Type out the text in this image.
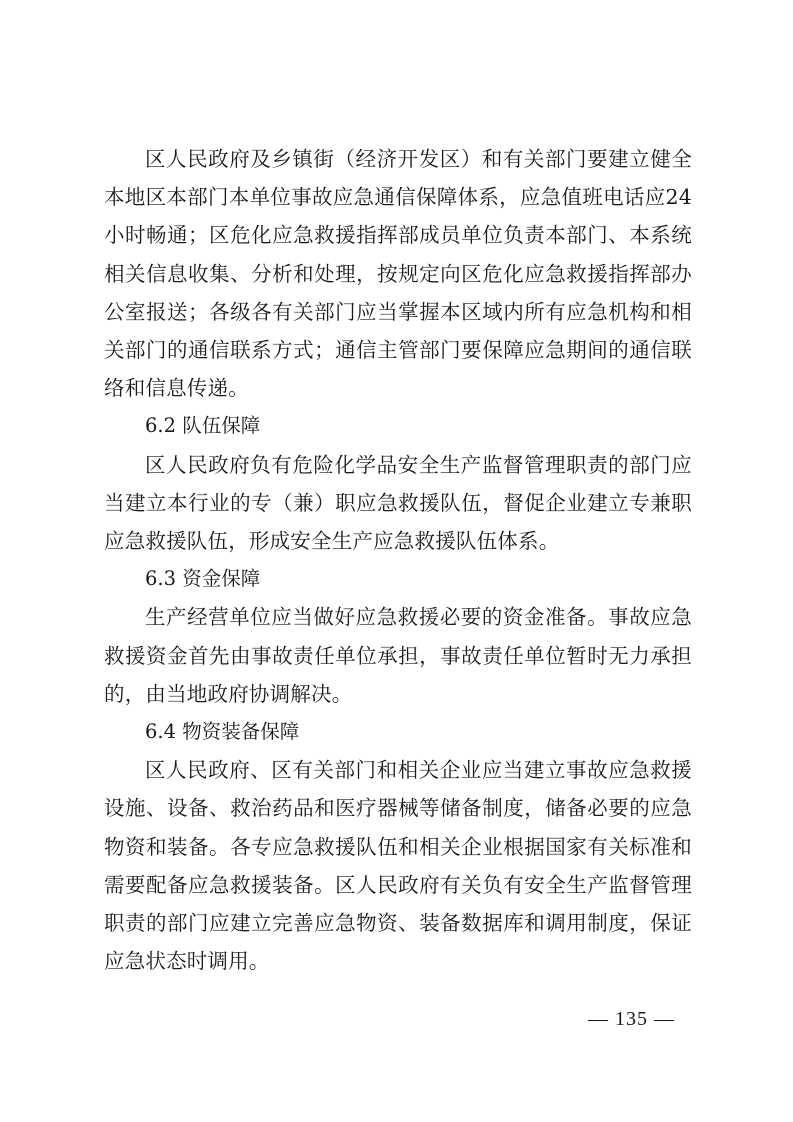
区人民政府及乡镇街（经济开发区）和有关部门要建立健全本地区本部门本单位事故应急通信保障体系，应急值班电话应24小时畅通；区危化应急救援指挥部成员单位负责本部门、本系统相关信息收集、分析和处理，按规定向区危化应急救援指挥部办公室报送；各级各有关部门应当掌握本区域内所有应急机构和相关部门的通信联系方式；通信主管部门要保障应急期间的通信联络和信息传递。

6.2 队伍保障

区人民政府负有危险化学品安全生产监督管理职责的部门应当建立本行业的专（兼）职应急救援队伍，督促企业建立专兼职应急救援队伍，形成安全生产应急救援队伍体系。

6.3 资金保障

生产经营单位应当做好应急救援必要的资金准备。事故应急救援资金首先由事故责任单位承担，事故责任单位暂时无力承担的，由当地政府协调解决。

6.4 物资装备保障

区人民政府、区有关部门和相关企业应当建立事故应急救援设施、设备、救治药品和医疗器械等储备制度，储备必要的应急物资和装备。各专应急救援队伍和相关企业根据国家有关标准和需要配备应急救援装备。区人民政府有关负有安全生产监督管理职责的部门应建立完善应急物资、装备数据库和调用制度，保证应急状态时调用。

— 135 —
